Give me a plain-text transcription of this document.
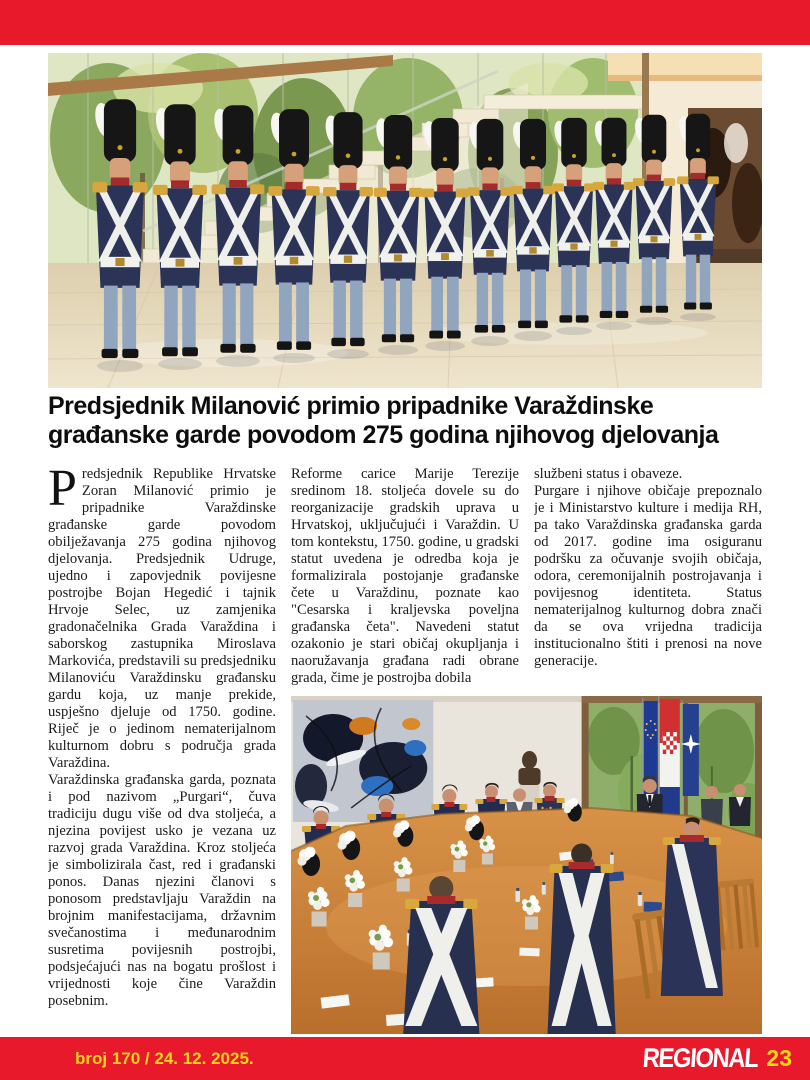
Predsjednik Milanović primio pripadnike Varaždinske
građanske garde povodom 275 godina njihovog djelovanja

Predsjednik Republike Hrvatske Zoran Milanović primio je pripadnike Varaždinske građanske garde povodom obilježavanja 275 godina njihovog djelovanja. Predsjednik Udruge, ujedno i zapovjednik povijesne postrojbe Bojan Hegedić i tajnik Hrvoje Selec, uz zamjenika gradonačelnika Grada Varaždina i saborskog zastupnika Miroslava Markovića, predstavili su predsjedniku Milanoviću Varaždinsku građansku gardu koja, uz manje prekide, uspješno djeluje od 1750. godine. Riječ je o jedinom nematerijalnom kulturnom dobru s područja grada Varaždina.

Varaždinska građanska garda, poznata i pod nazivom „Purgari“, čuva tradiciju dugu više od dva stoljeća, a njezina povijest usko je vezana uz razvoj grada Varaždina. Kroz stoljeća je simbolizirala čast, red i građanski ponos. Danas njezini članovi s ponosom predstavljaju Varaždin na brojnim manifestacijama, državnim svečanostima i međunarodnim susretima povijesnih postrojbi, podsjećajući nas na bogatu prošlost i vrijednosti koje čine Varaždin posebnim.

Reforme carice Marije Terezije sredinom 18. stoljeća dovele su do reorganizacije gradskih uprava u Hrvatskoj, uključujući i Varaždin. U tom kontekstu, 1750. godine, u gradski statut uvedena je odredba koja je formalizirala postojanje građanske čete u Varaždinu, poznate kao "Cesarska i kraljevska poveljna građanska četa". Navedeni statut ozakonio je stari običaj okupljanja i naoružavanja građana radi obrane grada, čime je postrojba dobila

službeni status i obaveze.

Purgare i njihove običaje prepoznalo je i Ministarstvo kulture i medija RH, pa tako Varaždinska građanska garda od 2017. godine ima osiguranu podršku za očuvanje svojih običaja, odora, ceremonijalnih postrojavanja i povijesnog identiteta. Status nematerijalnog kulturnog dobra znači da se ova vrijedna tradicija institucionalno štiti i prenosi na nove generacije.

broj 170 / 24. 12. 2025.	REGIONAL 23
